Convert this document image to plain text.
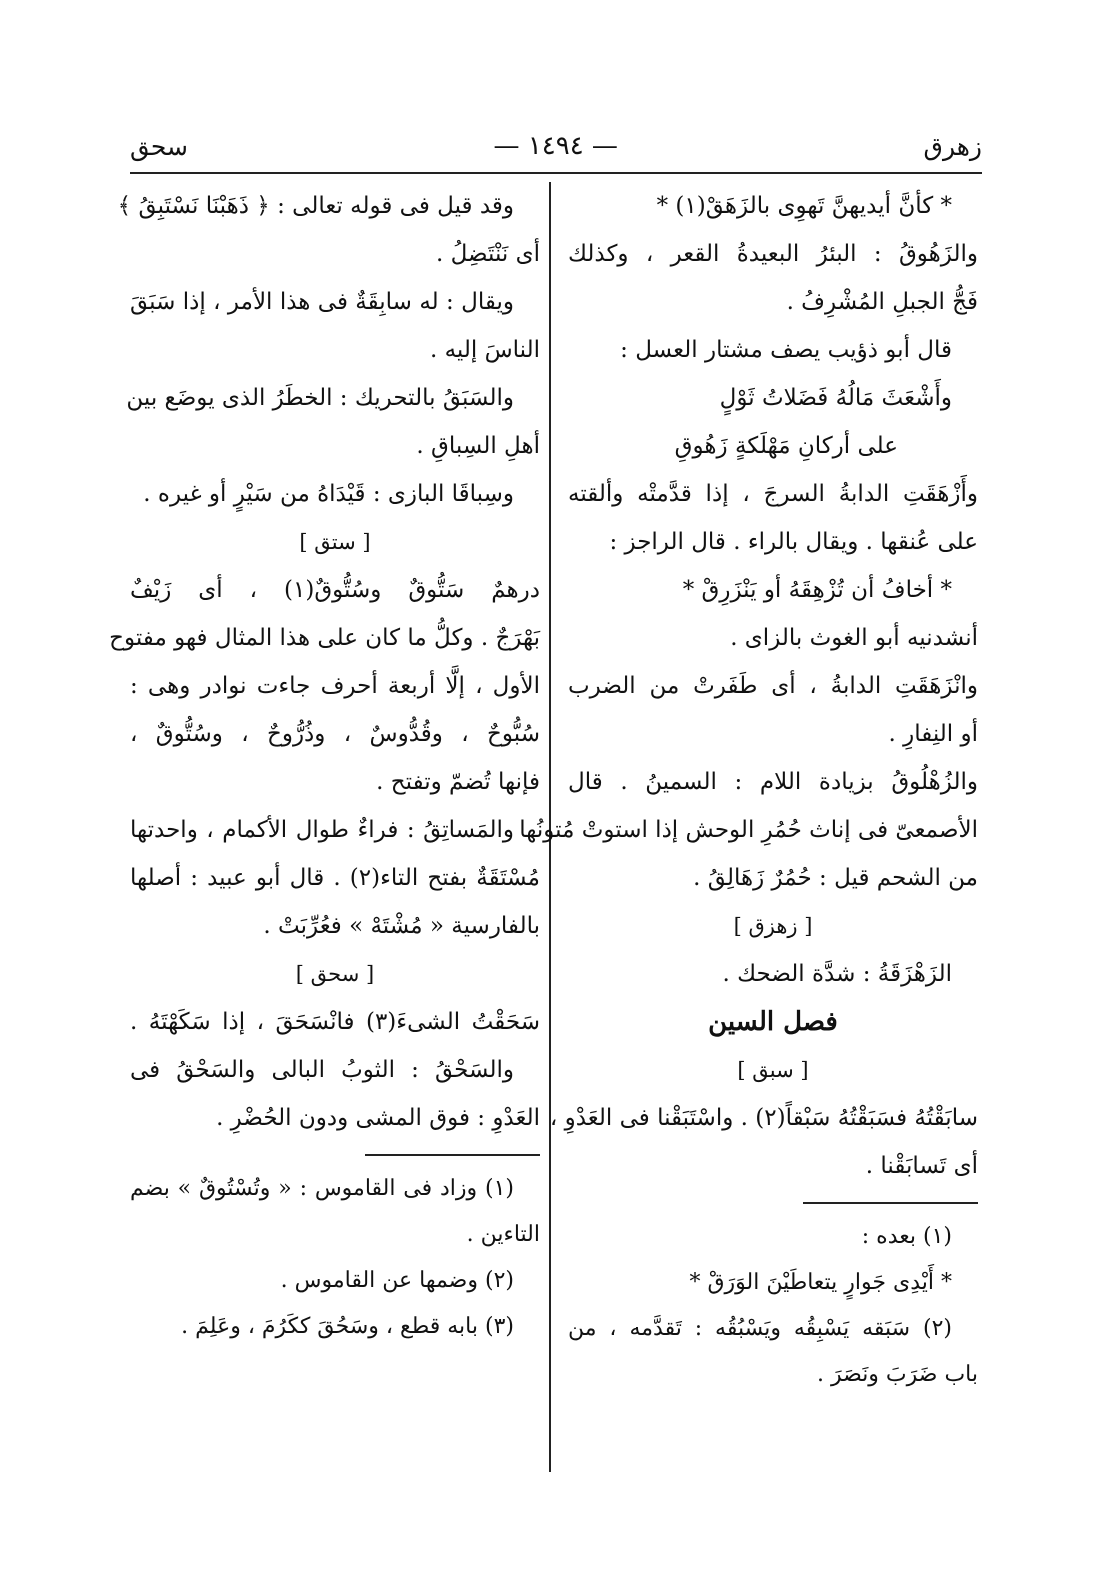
زهرق
— ١٤٩٤ —
سحق
* كأنَّ أيديهنَّ تَهوِى بالزَهَقْ(١) *
والزَهُوقُ : البئرُ البعيدةُ القعر ، وكذلك
فَجُّ الجبلِ المُشْرِفُ .
قال أبو ذؤيب يصف مشتار العسل :
وأَشْعَثَ مَالُهُ فَضَلاتُ ثَوْلٍ
على أركانِ مَهْلَكةٍ زَهُوقِ
وأَزْهَقَتِ الدابةُ السرجَ ، إذا قدَّمتْه وألقته
على عُنقها . ويقال بالراء . قال الراجز :
* أخافُ أن تُزْهِقَهُ أو يَنْزَرِقْ *
أنشدنيه أبو الغوث بالزاى .
وانْزَهَقَتِ الدابةُ ، أى طَفَرتْ من الضرب
أو النِفارِ .
والزُهْلُوقُ بزيادة اللام : السمينُ . قال
الأصمعىّ فى إناث حُمُرِ الوحش إذا استوتْ مُتونُها
من الشحم قيل : حُمُرٌ زَهَالِقُ .
[ زهزق ]
الزَهْزَقَةُ : شدَّة الضحك .
فصل السين
[ سبق ]
سابَقْتُهُ فسَبَقْتُهُ سَبْقاً(٢) . واسْتَبَقْنا فى العَدْوِ ،
أى تَسابَقْنا .
(١) بعده :
* أَيْدِى جَوارٍ يتعاطَيْنَ الوَرَقْ *
(٢) سَبَقه يَسْبِقُه ويَسْبُقُه : تَقدَّمه ، من
باب ضَرَبَ ونَصَرَ .
وقد قيل فى قوله تعالى : ﴿ ذَهَبْنَا نَسْتَبِقُ ﴾
أى نَنْتَضِلُ .
ويقال : له سابِقَةٌ فى هذا الأمر ، إذا سَبَقَ
الناسَ إليه .
والسَبَقُ بالتحريك : الخطَرُ الذى يوضَع بين
أهلِ السِباقِ .
وسِباقَا البازى : قَيْدَاهُ من سَيْرٍ أو غيره .
[ ستق ]
درهمٌ سَتُّوقٌ وسُتُّوقٌ(١) ، أى زَيْفٌ
بَهْرَجٌ . وكلُّ ما كان على هذا المثال فهو مفتوح
الأول ، إلَّا أربعة أحرف جاءت نوادر وهى :
سُبُّوحٌ ، وقُدُّوسٌ ، وذُرُّوحٌ ، وسُتُّوقٌ ،
فإنها تُضمّ وتفتح .
والمَساتِقُ : فراءٌ طوال الأكمام ، واحدتها
مُسْتَقَةٌ بفتح التاء(٢) . قال أبو عبيد : أصلها
بالفارسية « مُشْتَهْ » فعُرِّبَتْ .
[ سحق ]
سَحَقْتُ الشىءَ(٣) فانْسَحَقَ ، إذا سَكَهْتَهُ .
والسَحْقُ : الثوبُ البالى والسَحْقُ فى
العَدْوِ : فوق المشى ودون الحُضْرِ .
(١) وزاد فى القاموس : « وتُسْتُوقٌ » بضم
التاءين .
(٢) وضمها عن القاموس .
(٣) بابه قطع ، وسَحُقَ ككَرُمَ ، وعَلِمَ .
